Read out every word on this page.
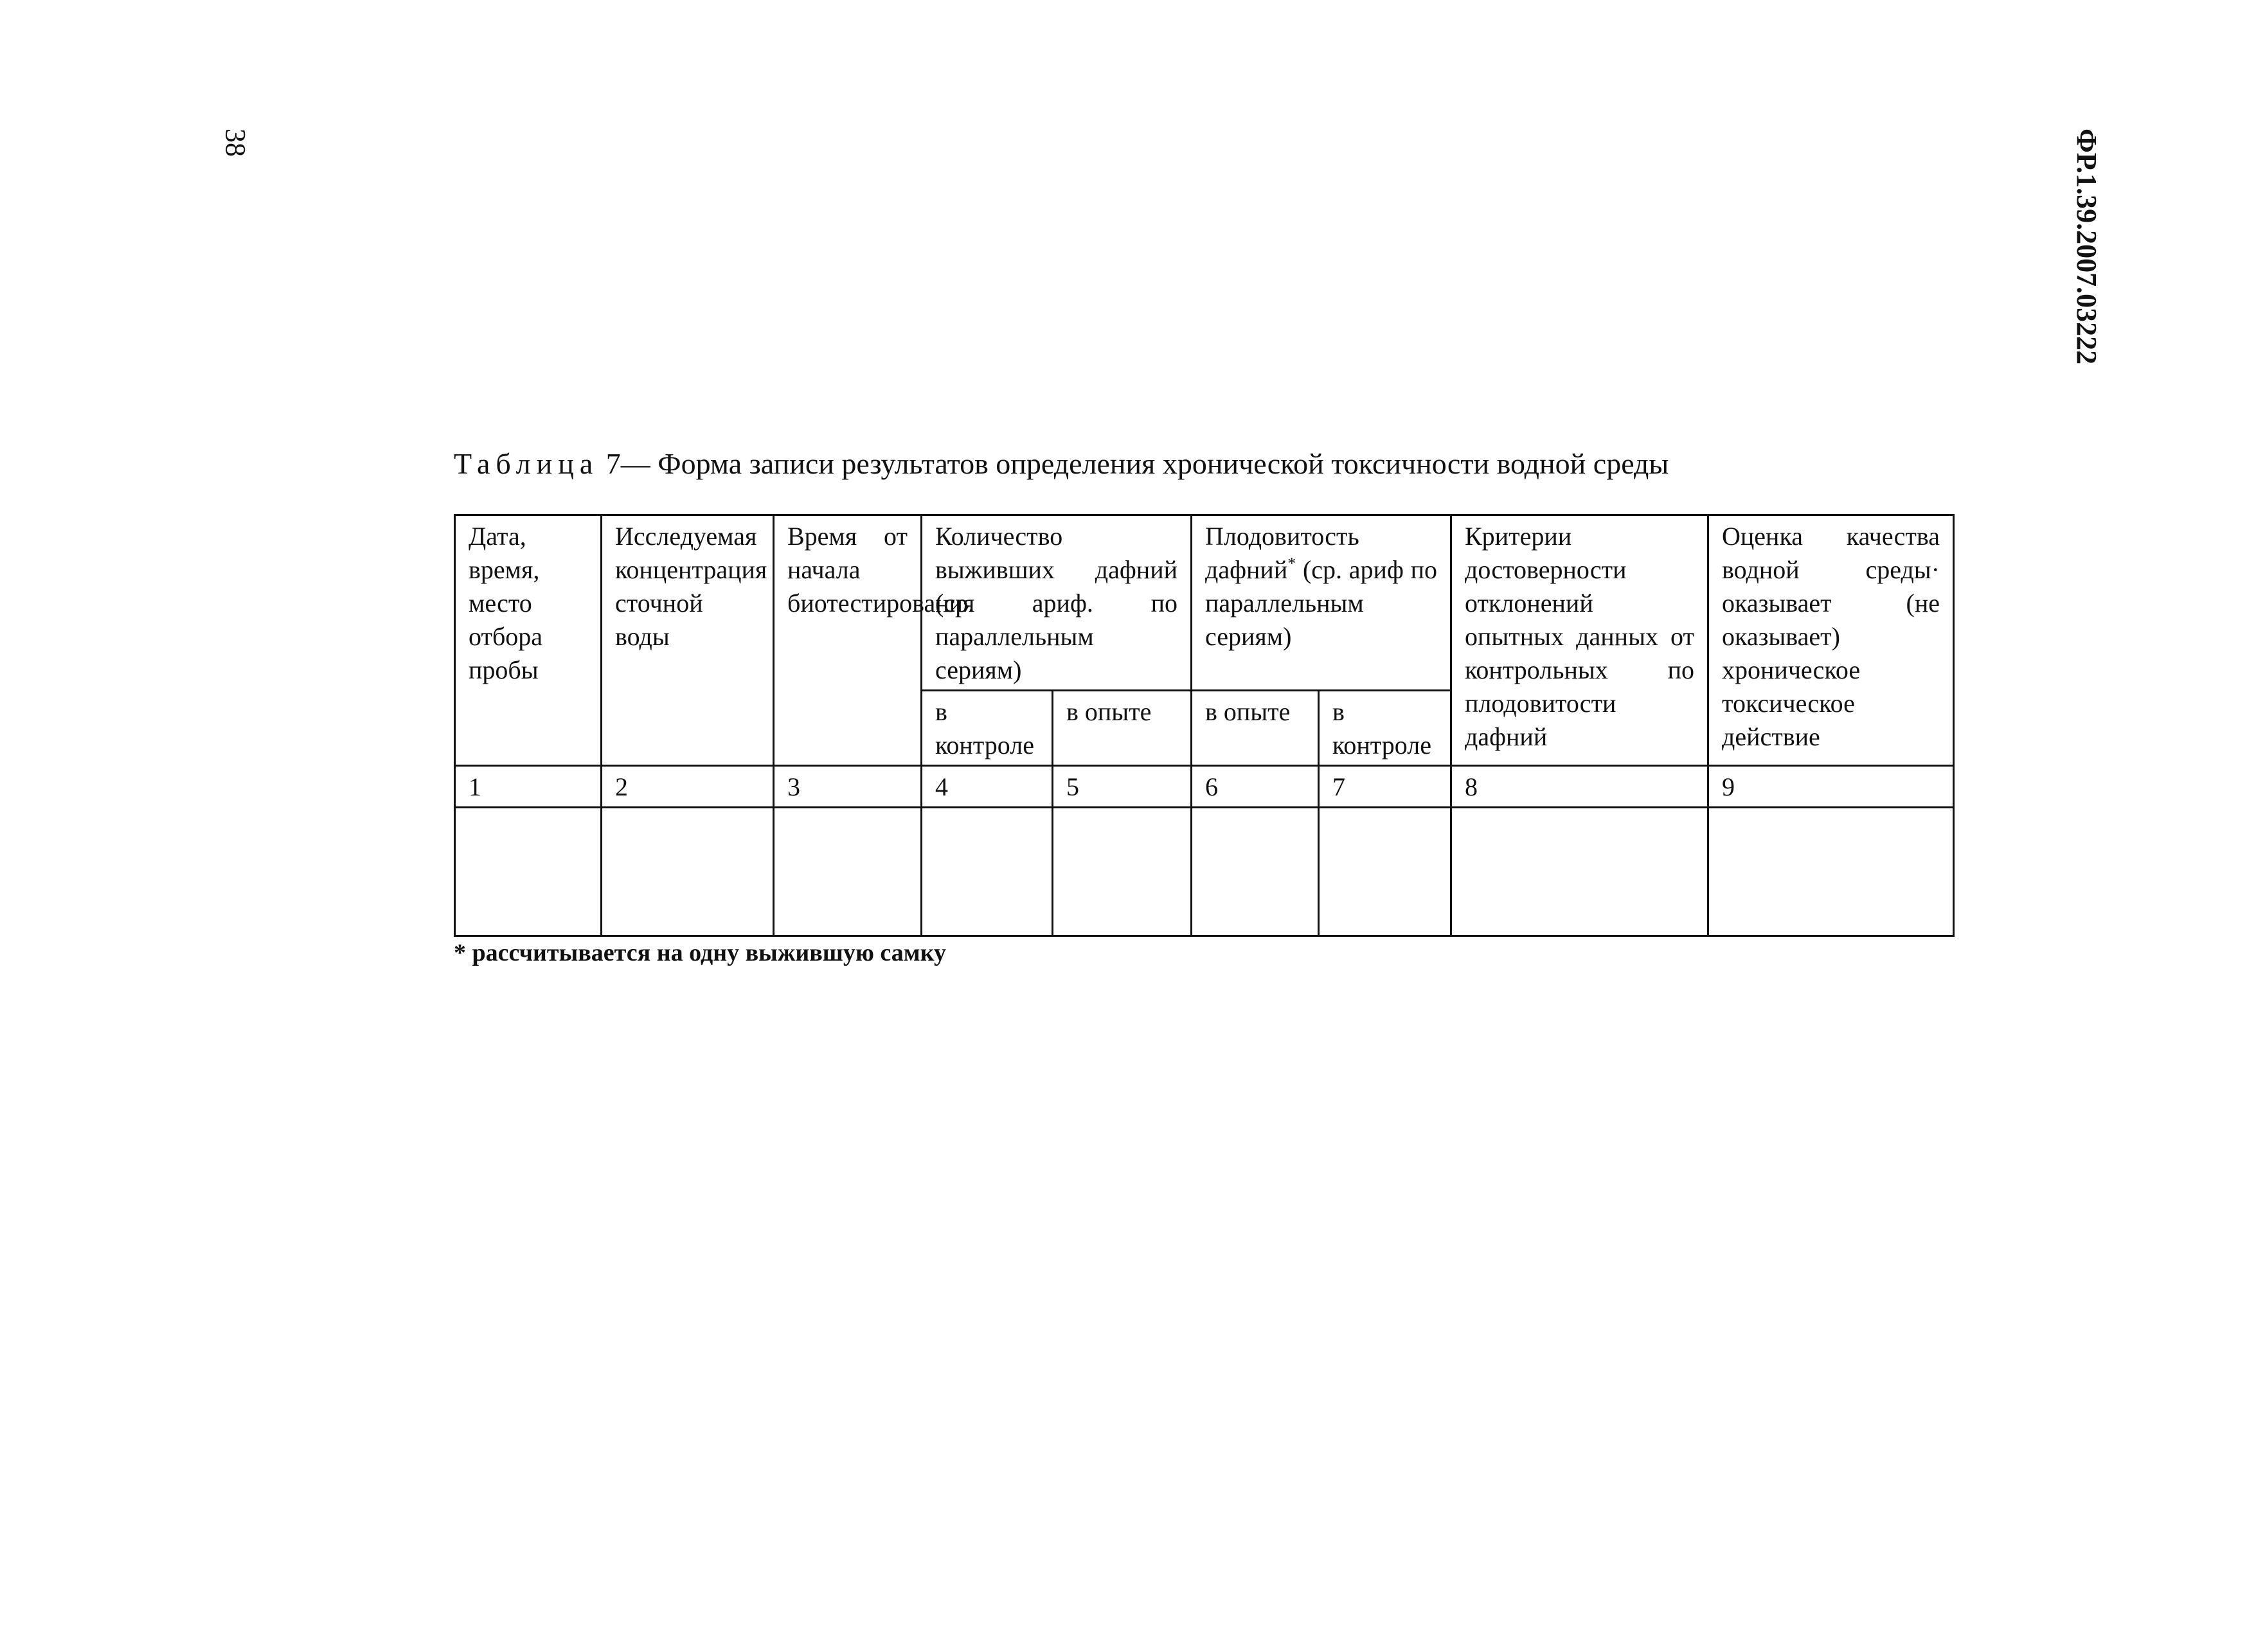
38	ФР.1.39.2007.03222
Таблица 7— Форма записи результатов определения хронической токсичности водной среды
Дата, время, место отбора пробы	Исследуемая концентрация сточной воды	Время от начала биотестирования	Количество выживших дафний (ср. ариф. по параллельным сериям)		Плодовитость дафний* (ср. ариф по параллельным сериям)		Критерии достоверности отклонений опытных данных от контрольных по плодовитости дафний	Оценка качества водной среды· оказывает (не оказывает) хроническое токсическое действие
			в контроле	в опыте	в опыте	в контроле		
1	2	3	4	5	6	7	8	9

* рассчитывается на одну выжившую самку
